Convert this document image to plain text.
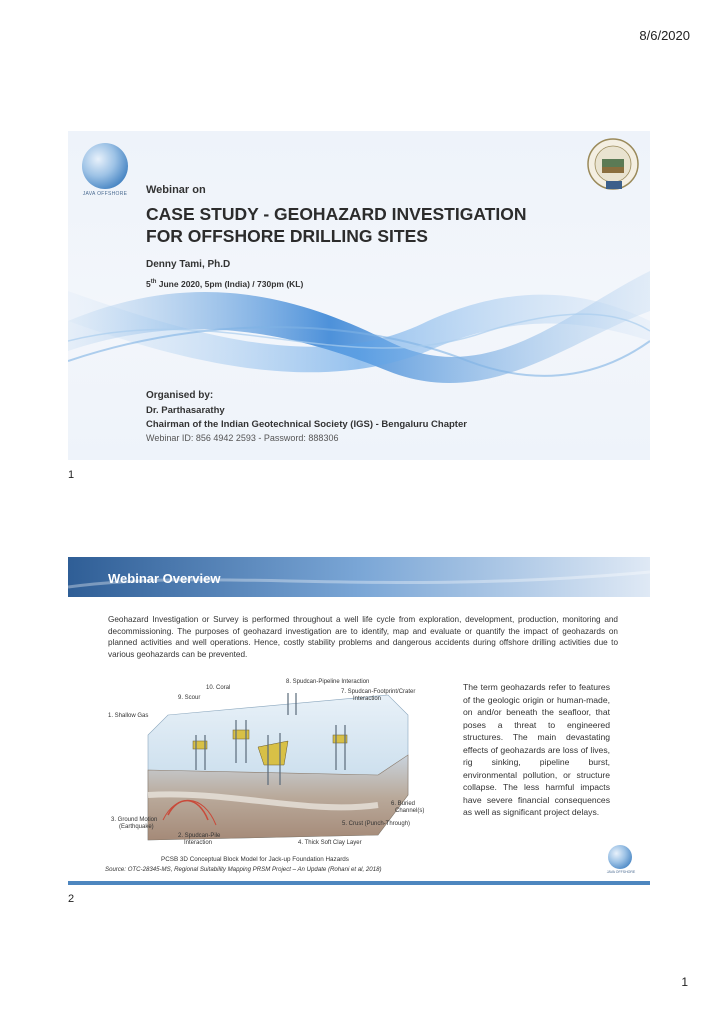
8/6/2020
JAVA OFFSHORE	Webinar on
CASE STUDY - GEOHAZARD INVESTIGATION
FOR OFFSHORE DRILLING SITES
Denny Tami, Ph.D
5th June 2020, 5pm (India) / 730pm (KL)
Organised by:
Dr. Parthasarathy
Chairman of the Indian Geotechnical Society (IGS) - Bengaluru Chapter
Webinar ID: 856 4942 2593 - Password: 888306
1
Webinar Overview
Geohazard Investigation or Survey is performed throughout a well life cycle from exploration, development, production, monitoring and decommissioning. The purposes of geohazard investigation are to identify, map and evaluate or quantify the impact of geohazards on planned activities and well operations. Hence, costly stability problems and dangerous accidents during offshore drilling activities due to various geohazards can be prevented.
10. Coral
8. Spudcan-Pipeline Interaction
9. Scour
7. Spudcan-Footprint/Crater
Interaction
1. Shallow Gas
6. Buried
Channel(s)
3. Ground Motion
(Earthquake)	5. Crust (Punch-Through)
2. Spudcan-Pile
Interaction	4. Thick Soft Clay Layer
The term geohazards refer to features of the geologic origin or human-made, on and/or beneath the seafloor, that poses a threat to engineered structures. The main devastating effects of geohazards are loss of lives, rig sinking, pipeline burst, environmental pollution, or structure collapse. The less harmful impacts have severe financial consequences as well as significant project delays.
PCSB 3D Conceptual Block Model for Jack-up Foundation Hazards
Source: OTC-28345-MS, Regional Suitability Mapping PRSM Project – An Update (Rohani et al, 2018)	JAVA OFFSHORE
2
1
